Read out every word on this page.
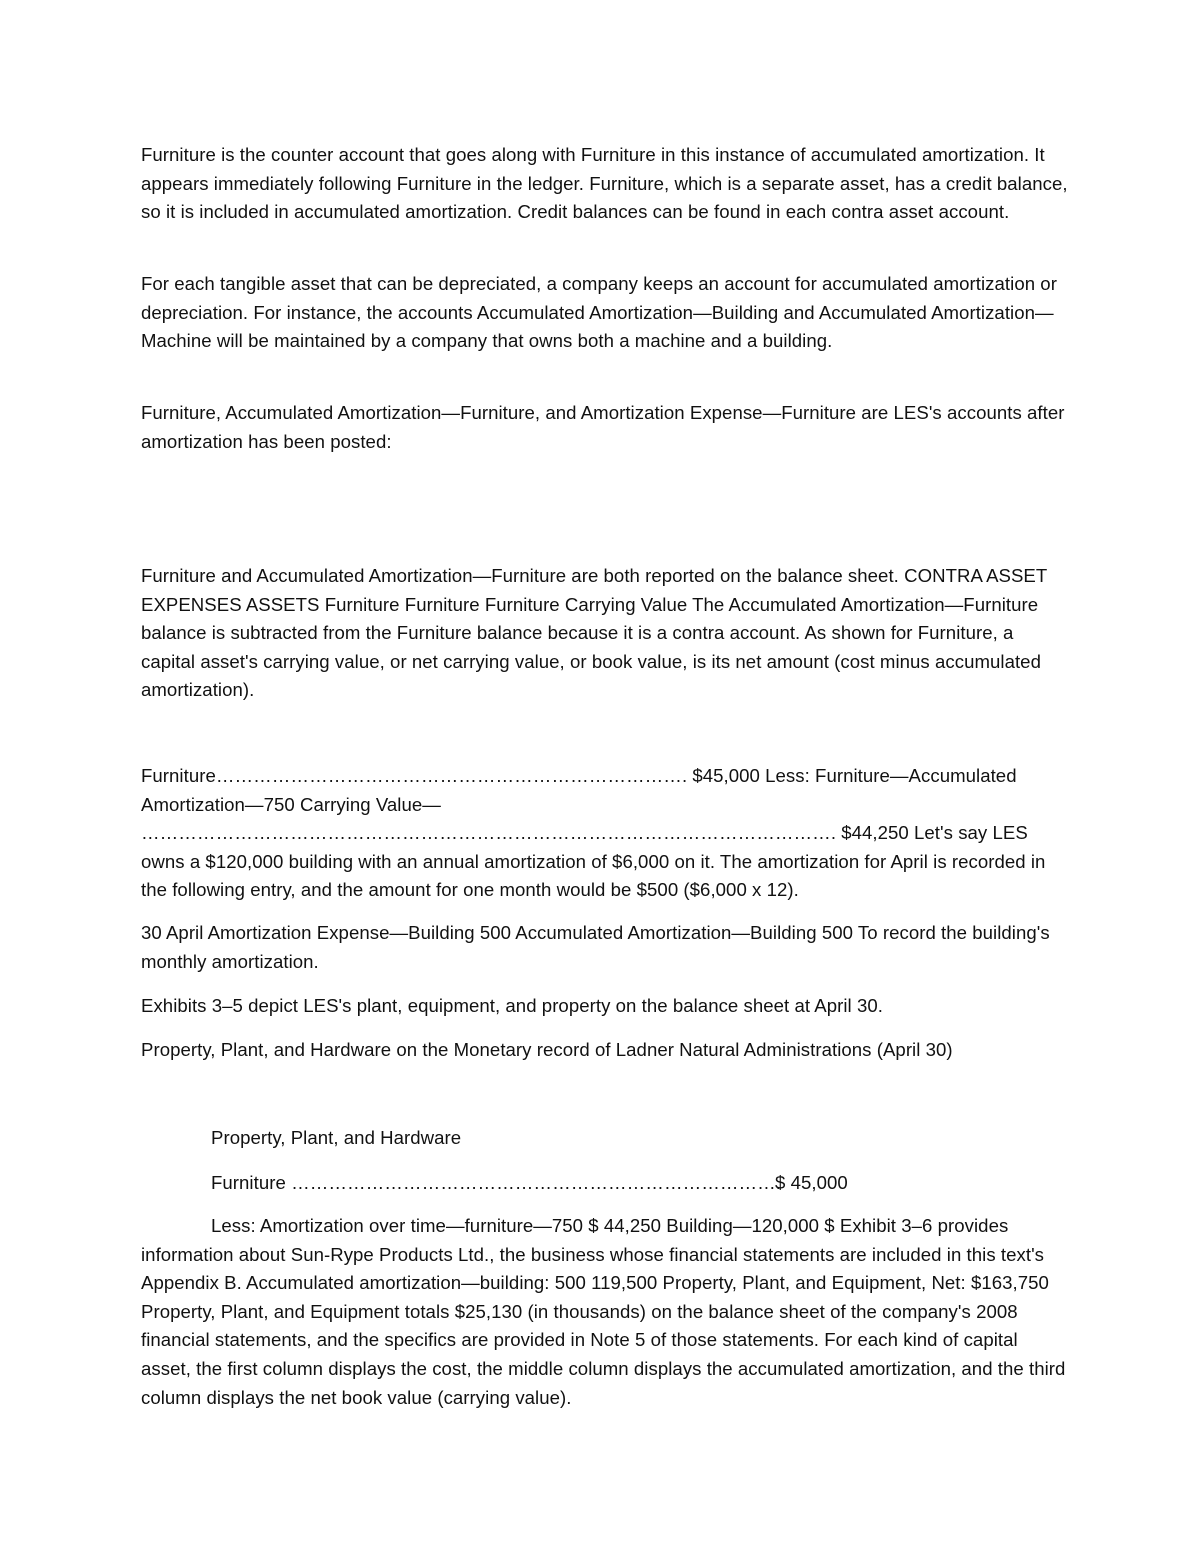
Furniture is the counter account that goes along with Furniture in this instance of accumulated amortization. It appears immediately following Furniture in the ledger. Furniture, which is a separate asset, has a credit balance, so it is included in accumulated amortization. Credit balances can be found in each contra asset account.

For each tangible asset that can be depreciated, a company keeps an account for accumulated amortization or depreciation. For instance, the accounts Accumulated Amortization—Building and Accumulated Amortization—Machine will be maintained by a company that owns both a machine and a building.

Furniture, Accumulated Amortization—Furniture, and Amortization Expense—Furniture are LES's accounts after amortization has been posted:

Furniture and Accumulated Amortization—Furniture are both reported on the balance sheet. CONTRA ASSET EXPENSES ASSETS Furniture Furniture Furniture Carrying Value The Accumulated Amortization—Furniture balance is subtracted from the Furniture balance because it is a contra account. As shown for Furniture, a capital asset's carrying value, or net carrying value, or book value, is its net amount (cost minus accumulated amortization).

Furniture…………………………………………………………………. $45,000 Less: Furniture—Accumulated Amortization—750 Carrying Value— …………………………………………………………………………………………………. $44,250 Let's say LES owns a $120,000 building with an annual amortization of $6,000 on it. The amortization for April is recorded in the following entry, and the amount for one month would be $500 ($6,000 x 12).

30 April Amortization Expense—Building 500 Accumulated Amortization—Building 500 To record the building's monthly amortization.

Exhibits 3–5 depict LES's plant, equipment, and property on the balance sheet at April 30.

Property, Plant, and Hardware on the Monetary record of Ladner Natural Administrations (April 30)

Property, Plant, and Hardware

Furniture …………………………………………………………………….
$ 45,000

Less: Amortization over time—furniture—750 $ 44,250 Building—120,000 $ Exhibit 3–6 provides information about Sun-Rype Products Ltd., the business whose financial statements are included in this text's Appendix B. Accumulated amortization—building: 500 119,500 Property, Plant, and Equipment, Net: $163,750 Property, Plant, and Equipment totals $25,130 (in thousands) on the balance sheet of the company's 2008 financial statements, and the specifics are provided in Note 5 of those statements. For each kind of capital asset, the first column displays the cost, the middle column displays the accumulated amortization, and the third column displays the net book value (carrying value).
